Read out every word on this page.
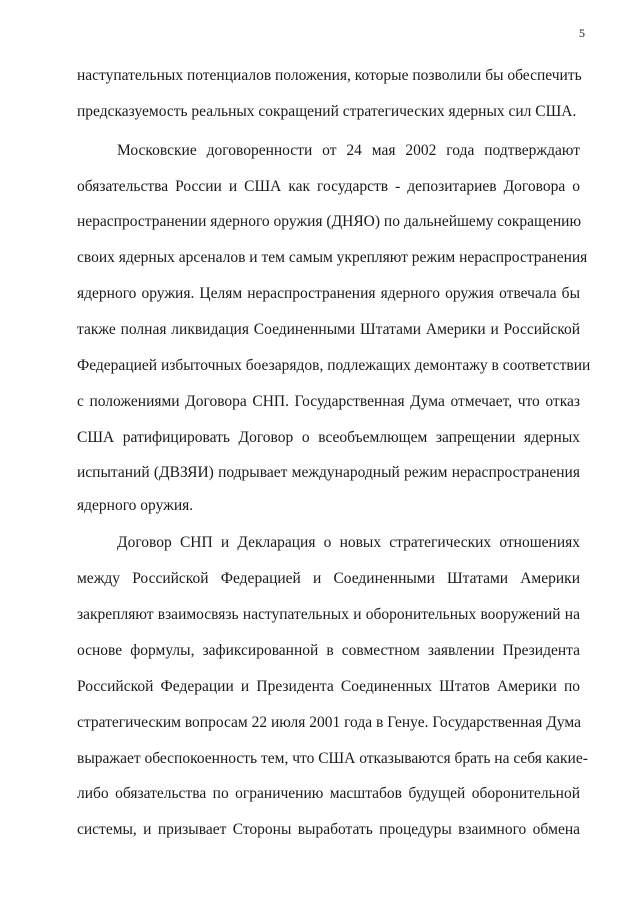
5
наступательных потенциалов положения, которые позволили бы обеспечить
предсказуемость реальных сокращений стратегических ядерных сил США.
Московские договоренности от 24 мая 2002 года подтверждают
обязательства России и США как государств - депозитариев Договора о
нераспространении ядерного оружия (ДНЯО) по дальнейшему сокращению
своих ядерных арсеналов и тем самым укрепляют режим нераспространения
ядерного оружия. Целям нераспространения ядерного оружия отвечала бы
также полная ликвидация Соединенными Штатами Америки и Российской
Федерацией избыточных боезарядов, подлежащих демонтажу в соответствии
с положениями Договора СНП. Государственная Дума отмечает, что отказ
США ратифицировать Договор о всеобъемлющем запрещении ядерных
испытаний (ДВЗЯИ) подрывает международный режим нераспространения
ядерного оружия.
Договор СНП и Декларация о новых стратегических отношениях
между Российской Федерацией и Соединенными Штатами Америки
закрепляют взаимосвязь наступательных и оборонительных вооружений на
основе формулы, зафиксированной в совместном заявлении Президента
Российской Федерации и Президента Соединенных Штатов Америки по
стратегическим вопросам 22 июля 2001 года в Генуе. Государственная Дума
выражает обеспокоенность тем, что США отказываются брать на себя какие-
либо обязательства по ограничению масштабов будущей оборонительной
системы, и призывает Стороны выработать процедуры взаимного обмена
